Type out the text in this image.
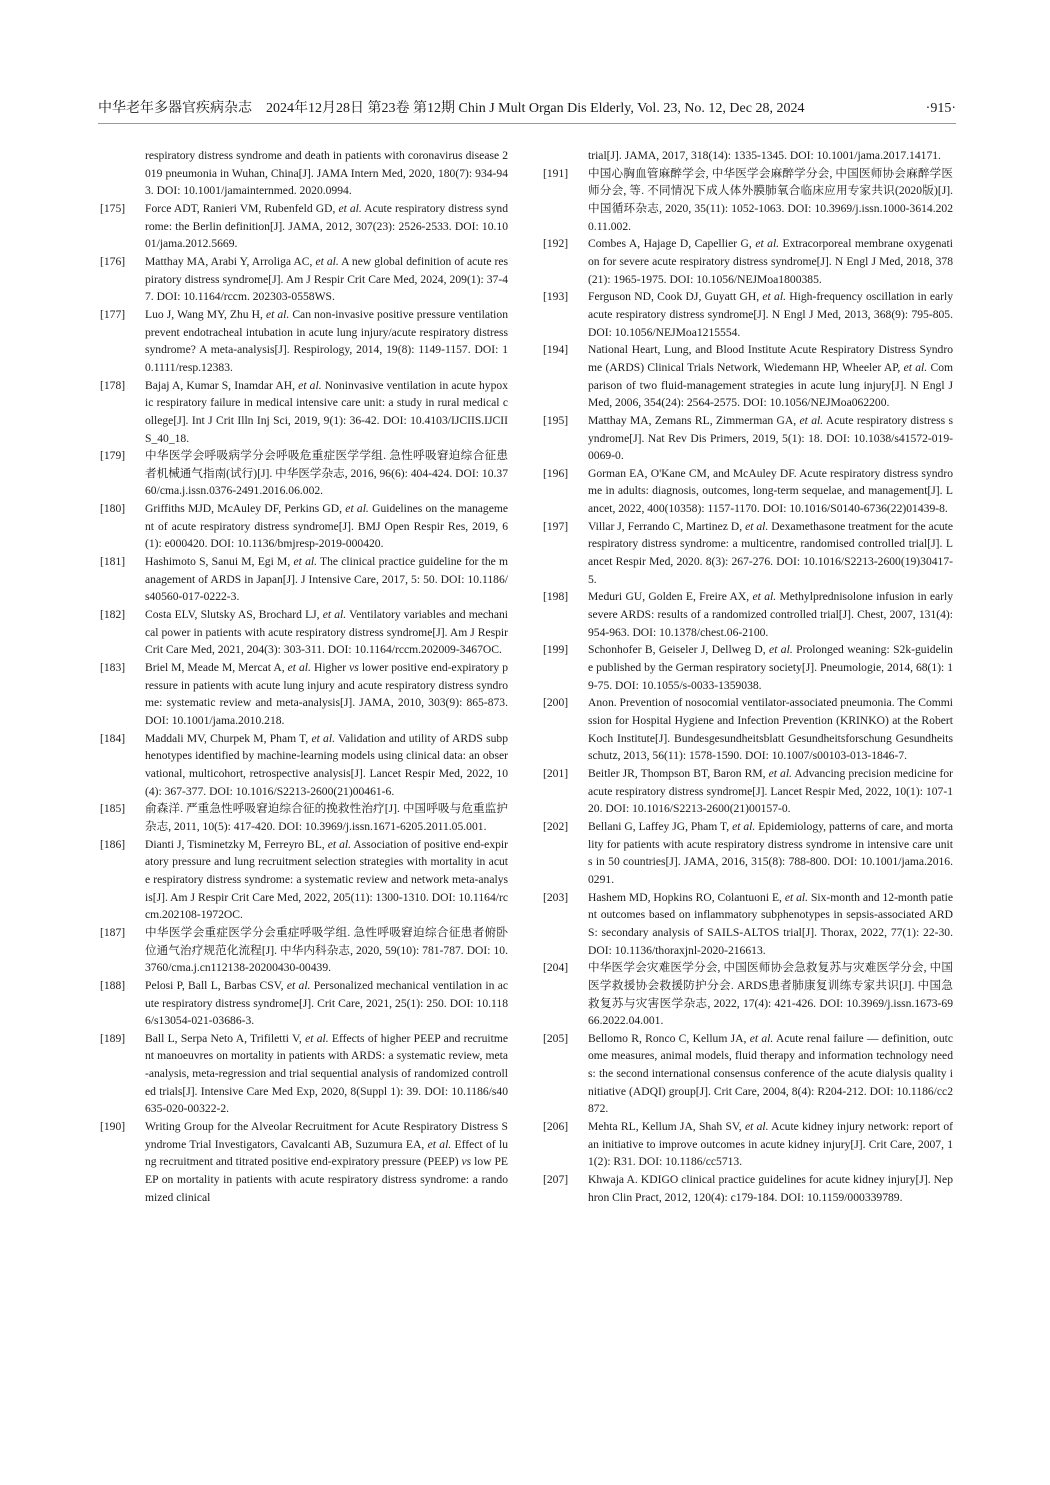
中华老年多器官疾病杂志　2024年12月28日 第23卷 第12期 Chin J Mult Organ Dis Elderly, Vol. 23, No. 12, Dec 28, 2024	·915·
respiratory distress syndrome and death in patients with coronavirus disease 2019 pneumonia in Wuhan, China[J]. JAMA Intern Med, 2020, 180(7): 934-943. DOI: 10.1001/jamainternmed. 2020.0994.
[175]	Force ADT, Ranieri VM, Rubenfeld GD, et al. Acute respiratory distress syndrome: the Berlin definition[J]. JAMA, 2012, 307(23): 2526-2533. DOI: 10.1001/jama.2012.5669.
[176]	Matthay MA, Arabi Y, Arroliga AC, et al. A new global definition of acute respiratory distress syndrome[J]. Am J Respir Crit Care Med, 2024, 209(1): 37-47. DOI: 10.1164/rccm. 202303-0558WS.
[177]	Luo J, Wang MY, Zhu H, et al. Can non-invasive positive pressure ventilation prevent endotracheal intubation in acute lung injury/acute respiratory distress syndrome? A meta-analysis[J]. Respirology, 2014, 19(8): 1149-1157. DOI: 10.1111/resp.12383.
[178]	Bajaj A, Kumar S, Inamdar AH, et al. Noninvasive ventilation in acute hypoxic respiratory failure in medical intensive care unit: a study in rural medical college[J]. Int J Crit Illn Inj Sci, 2019, 9(1): 36-42. DOI: 10.4103/IJCIIS.IJCIIS_40_18.
[179]	中华医学会呼吸病学分会呼吸危重症医学学组. 急性呼吸窘迫综合征患者机械通气指南(试行)[J]. 中华医学杂志, 2016, 96(6): 404-424. DOI: 10.3760/cma.j.issn.0376-2491.2016.06.002.
[180]	Griffiths MJD, McAuley DF, Perkins GD, et al. Guidelines on the management of acute respiratory distress syndrome[J]. BMJ Open Respir Res, 2019, 6(1): e000420. DOI: 10.1136/bmjresp-2019-000420.
[181]	Hashimoto S, Sanui M, Egi M, et al. The clinical practice guideline for the management of ARDS in Japan[J]. J Intensive Care, 2017, 5: 50. DOI: 10.1186/s40560-017-0222-3.
[182]	Costa ELV, Slutsky AS, Brochard LJ, et al. Ventilatory variables and mechanical power in patients with acute respiratory distress syndrome[J]. Am J Respir Crit Care Med, 2021, 204(3): 303-311. DOI: 10.1164/rccm.202009-3467OC.
[183]	Briel M, Meade M, Mercat A, et al. Higher vs lower positive end-expiratory pressure in patients with acute lung injury and acute respiratory distress syndrome: systematic review and meta-analysis[J]. JAMA, 2010, 303(9): 865-873. DOI: 10.1001/jama.2010.218.
[184]	Maddali MV, Churpek M, Pham T, et al. Validation and utility of ARDS subphenotypes identified by machine-learning models using clinical data: an observational, multicohort, retrospective analysis[J]. Lancet Respir Med, 2022, 10(4): 367-377. DOI: 10.1016/S2213-2600(21)00461-6.
[185]	俞森洋. 严重急性呼吸窘迫综合征的挽救性治疗[J]. 中国呼吸与危重监护杂志, 2011, 10(5): 417-420. DOI: 10.3969/j.issn.1671-6205.2011.05.001.
[186]	Dianti J, Tisminetzky M, Ferreyro BL, et al. Association of positive end-expiratory pressure and lung recruitment selection strategies with mortality in acute respiratory distress syndrome: a systematic review and network meta-analysis[J]. Am J Respir Crit Care Med, 2022, 205(11): 1300-1310. DOI: 10.1164/rccm.202108-1972OC.
[187]	中华医学会重症医学分会重症呼吸学组. 急性呼吸窘迫综合征患者俯卧位通气治疗规范化流程[J]. 中华内科杂志, 2020, 59(10): 781-787. DOI: 10.3760/cma.j.cn112138-20200430-00439.
[188]	Pelosi P, Ball L, Barbas CSV, et al. Personalized mechanical ventilation in acute respiratory distress syndrome[J]. Crit Care, 2021, 25(1): 250. DOI: 10.1186/s13054-021-03686-3.
[189]	Ball L, Serpa Neto A, Trifiletti V, et al. Effects of higher PEEP and recruitment manoeuvres on mortality in patients with ARDS: a systematic review, meta-analysis, meta-regression and trial sequential analysis of randomized controlled trials[J]. Intensive Care Med Exp, 2020, 8(Suppl 1): 39. DOI: 10.1186/s40635-020-00322-2.
[190]	Writing Group for the Alveolar Recruitment for Acute Respiratory Distress Syndrome Trial Investigators, Cavalcanti AB, Suzumura EA, et al. Effect of lung recruitment and titrated positive end-expiratory pressure (PEEP) vs low PEEP on mortality in patients with acute respiratory distress syndrome: a randomized clinical
trial[J]. JAMA, 2017, 318(14): 1335-1345. DOI: 10.1001/jama.2017.14171.
[191]	中国心胸血管麻醉学会, 中华医学会麻醉学分会, 中国医师协会麻醉学医师分会, 等. 不同情况下成人体外膜肺氧合临床应用专家共识(2020版)[J]. 中国循环杂志, 2020, 35(11): 1052-1063. DOI: 10.3969/j.issn.1000-3614.2020.11.002.
[192]	Combes A, Hajage D, Capellier G, et al. Extracorporeal membrane oxygenation for severe acute respiratory distress syndrome[J]. N Engl J Med, 2018, 378(21): 1965-1975. DOI: 10.1056/NEJMoa1800385.
[193]	Ferguson ND, Cook DJ, Guyatt GH, et al. High-frequency oscillation in early acute respiratory distress syndrome[J]. N Engl J Med, 2013, 368(9): 795-805. DOI: 10.1056/NEJMoa1215554.
[194]	National Heart, Lung, and Blood Institute Acute Respiratory Distress Syndrome (ARDS) Clinical Trials Network, Wiedemann HP, Wheeler AP, et al. Comparison of two fluid-management strategies in acute lung injury[J]. N Engl J Med, 2006, 354(24): 2564-2575. DOI: 10.1056/NEJMoa062200.
[195]	Matthay MA, Zemans RL, Zimmerman GA, et al. Acute respiratory distress syndrome[J]. Nat Rev Dis Primers, 2019, 5(1): 18. DOI: 10.1038/s41572-019-0069-0.
[196]	Gorman EA, O'Kane CM, and McAuley DF. Acute respiratory distress syndrome in adults: diagnosis, outcomes, long-term sequelae, and management[J]. Lancet, 2022, 400(10358): 1157-1170. DOI: 10.1016/S0140-6736(22)01439-8.
[197]	Villar J, Ferrando C, Martinez D, et al. Dexamethasone treatment for the acute respiratory distress syndrome: a multicentre, randomised controlled trial[J]. Lancet Respir Med, 2020. 8(3): 267-276. DOI: 10.1016/S2213-2600(19)30417-5.
[198]	Meduri GU, Golden E, Freire AX, et al. Methylprednisolone infusion in early severe ARDS: results of a randomized controlled trial[J]. Chest, 2007, 131(4): 954-963. DOI: 10.1378/chest.06-2100.
[199]	Schonhofer B, Geiseler J, Dellweg D, et al. Prolonged weaning: S2k-guideline published by the German respiratory society[J]. Pneumologie, 2014, 68(1): 19-75. DOI: 10.1055/s-0033-1359038.
[200]	Anon. Prevention of nosocomial ventilator-associated pneumonia. The Commission for Hospital Hygiene and Infection Prevention (KRINKO) at the Robert Koch Institute[J]. Bundesgesundheitsblatt Gesundheitsforschung Gesundheitsschutz, 2013, 56(11): 1578-1590. DOI: 10.1007/s00103-013-1846-7.
[201]	Beitler JR, Thompson BT, Baron RM, et al. Advancing precision medicine for acute respiratory distress syndrome[J]. Lancet Respir Med, 2022, 10(1): 107-120. DOI: 10.1016/S2213-2600(21)00157-0.
[202]	Bellani G, Laffey JG, Pham T, et al. Epidemiology, patterns of care, and mortality for patients with acute respiratory distress syndrome in intensive care units in 50 countries[J]. JAMA, 2016, 315(8): 788-800. DOI: 10.1001/jama.2016.0291.
[203]	Hashem MD, Hopkins RO, Colantuoni E, et al. Six-month and 12-month patient outcomes based on inflammatory subphenotypes in sepsis-associated ARDS: secondary analysis of SAILS-ALTOS trial[J]. Thorax, 2022, 77(1): 22-30. DOI: 10.1136/thoraxjnl-2020-216613.
[204]	中华医学会灾难医学分会, 中国医师协会急救复苏与灾难医学分会, 中国医学救援协会救援防护分会. ARDS患者肺康复训练专家共识[J]. 中国急救复苏与灾害医学杂志, 2022, 17(4): 421-426. DOI: 10.3969/j.issn.1673-6966.2022.04.001.
[205]	Bellomo R, Ronco C, Kellum JA, et al. Acute renal failure — definition, outcome measures, animal models, fluid therapy and information technology needs: the second international consensus conference of the acute dialysis quality initiative (ADQI) group[J]. Crit Care, 2004, 8(4): R204-212. DOI: 10.1186/cc2872.
[206]	Mehta RL, Kellum JA, Shah SV, et al. Acute kidney injury network: report of an initiative to improve outcomes in acute kidney injury[J]. Crit Care, 2007, 11(2): R31. DOI: 10.1186/cc5713.
[207]	Khwaja A. KDIGO clinical practice guidelines for acute kidney injury[J]. Nephron Clin Pract, 2012, 120(4): c179-184. DOI: 10.1159/000339789.
